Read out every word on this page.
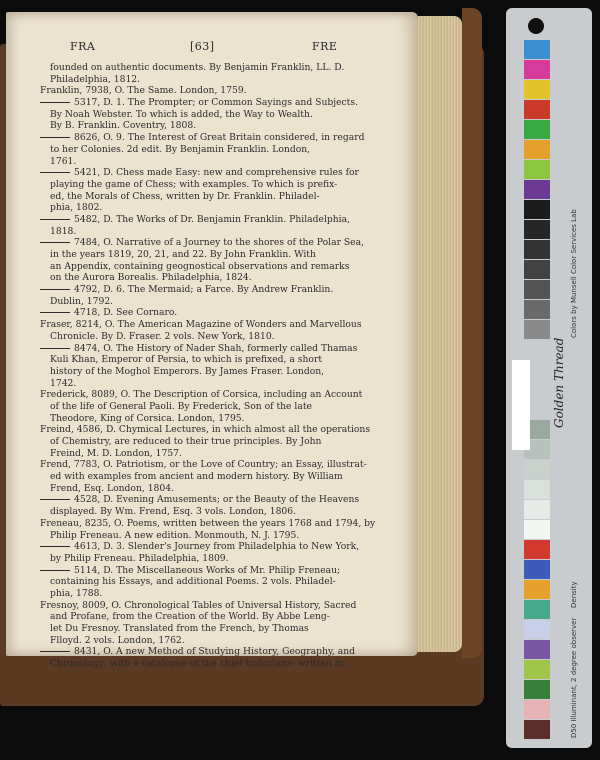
FRA	[63]	FRE
founded on authentic documents. By Benjamin Franklin, LL. D.
Philadelphia, 1812.
Franklin, 7938, O. The Same. London, 1759.
5317, D. 1. The Prompter; or Common Sayings and Subjects.
By Noah Webster. To which is added, the Way to Wealth.
By B. Franklin. Coventry, 1808.
8626, O. 9. The Interest of Great Britain considered, in regard
to her Colonies. 2d edit. By Benjamin Franklin. London,
1761.
5421, D. Chess made Easy: new and comprehensive rules for
playing the game of Chess; with examples. To which is prefix-
ed, the Morals of Chess, written by Dr. Franklin. Philadel-
phia, 1802.
5482, D. The Works of Dr. Benjamin Franklin. Philadelphia,
1818.
7484, O. Narrative of a Journey to the shores of the Polar Sea,
in the years 1819, 20, 21, and 22. By John Franklin. With
an Appendix, containing geognostical observations and remarks
on the Aurora Borealis. Philadelphia, 1824.
4792, D. 6. The Mermaid; a Farce. By Andrew Franklin.
Dublin, 1792.
4718, D. See Cornaro.
Fraser, 8214, O. The American Magazine of Wonders and Marvellous
Chronicle. By D. Fraser. 2 vols. New York, 1810.
8474, O. The History of Nader Shah, formerly called Thamas
Kuli Khan, Emperor of Persia, to which is prefixed, a short
history of the Moghol Emperors. By James Fraser. London,
1742.
Frederick, 8089, O. The Description of Corsica, including an Account
of the life of General Paoli. By Frederick, Son of the late
Theodore, King of Corsica. London, 1795.
Freind, 4586, D. Chymical Lectures, in which almost all the operations
of Chemistry, are reduced to their true principles. By John
Freind, M. D. London, 1757.
Frend, 7783, O. Patriotism, or the Love of Country; an Essay, illustrat-
ed with examples from ancient and modern history. By William
Frend, Esq. London, 1804.
4528, D. Evening Amusements; or the Beauty of the Heavens
displayed. By Wm. Frend, Esq. 3 vols. London, 1806.
Freneau, 8235, O. Poems, written between the years 1768 and 1794, by
Philip Freneau. A new edition. Monmouth, N. J. 1795.
4613, D. 3. Slender's Journey from Philadelphia to New York,
by Philip Freneau. Philadelphia, 1809.
5114, D. The Miscellaneous Works of Mr. Philip Freneau;
containing his Essays, and additional Poems. 2 vols. Philadel-
phia, 1788.
Fresnoy, 8009, O. Chronological Tables of Universal History, Sacred
and Profane, from the Creation of the World. By Abbe Leng-
let Du Fresnoy. Translated from the French, by Thomas
Flloyd. 2 vols. London, 1762.
8431, O. A new Method of Studying History, Geography, and
Chronology; with a catalogue of the chief historians; written in
Colors by Munsell Color Services Lab
D50 Illuminant, 2 degree observer
Density
Golden Thread
